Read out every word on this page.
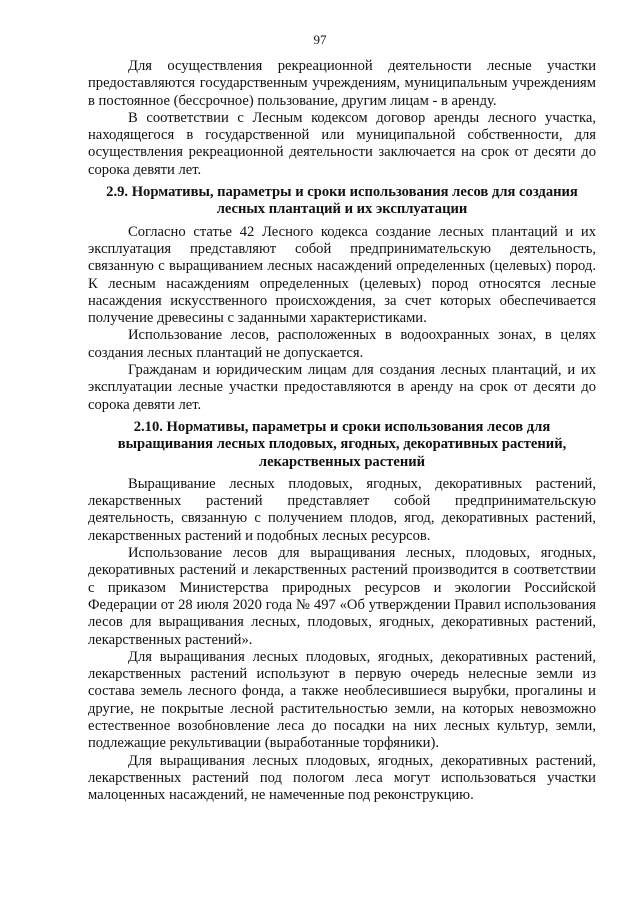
97

Для осуществления рекреационной деятельности лесные участки предоставляются государственным учреждениям, муниципальным учреждениям в постоянное (бессрочное) пользование, другим лицам - в аренду.

В соответствии с Лесным кодексом договор аренды лесного участка, находящегося в государственной или муниципальной собственности, для осуществления рекреационной деятельности заключается на срок от десяти до сорока девяти лет.

2.9. Нормативы, параметры и сроки использования лесов для создания лесных плантаций и их эксплуатации

Согласно статье 42 Лесного кодекса создание лесных плантаций и их эксплуатация представляют собой предпринимательскую деятельность, связанную с выращиванием лесных насаждений определенных (целевых) пород. К лесным насаждениям определенных (целевых) пород относятся лесные насаждения искусственного происхождения, за счет которых обеспечивается получение древесины с заданными характеристиками.

Использование лесов, расположенных в водоохранных зонах, в целях создания лесных плантаций не допускается.

Гражданам и юридическим лицам для создания лесных плантаций, и их эксплуатации лесные участки предоставляются в аренду на срок от десяти до сорока девяти лет.

2.10. Нормативы, параметры и сроки использования лесов для выращивания лесных плодовых, ягодных, декоративных растений, лекарственных растений

Выращивание лесных плодовых, ягодных, декоративных растений, лекарственных растений представляет собой предпринимательскую деятельность, связанную с получением плодов, ягод, декоративных растений, лекарственных растений и подобных лесных ресурсов.

Использование лесов для выращивания лесных, плодовых, ягодных, декоративных растений и лекарственных растений производится в соответствии с приказом Министерства природных ресурсов и экологии Российской Федерации от 28 июля 2020 года № 497 «Об утверждении Правил использования лесов для выращивания лесных, плодовых, ягодных, декоративных растений, лекарственных растений».

Для выращивания лесных плодовых, ягодных, декоративных растений, лекарственных растений используют в первую очередь нелесные земли из состава земель лесного фонда, а также необлесившиеся вырубки, прогалины и другие, не покрытые лесной растительностью земли, на которых невозможно естественное возобновление леса до посадки на них лесных культур, земли, подлежащие рекультивации (выработанные торфяники).

Для выращивания лесных плодовых, ягодных, декоративных растений, лекарственных растений под пологом леса могут использоваться участки малоценных насаждений, не намеченные под реконструкцию.
